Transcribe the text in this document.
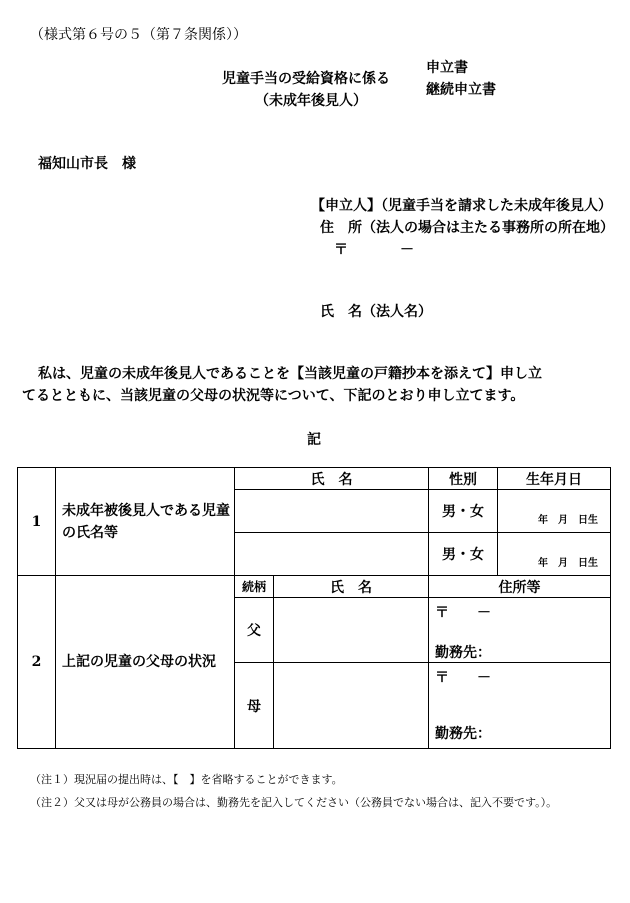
（様式第６号の５（第７条関係））
児童手当の受給資格に係る
（未成年後見人）
申立書
継続申立書
福知山市長　様
【申立人】（児童手当を請求した未成年後見人）
住　所（法人の場合は主たる事務所の所在地）
〒	－
氏　名（法人名）
私は、児童の未成年後見人であることを【当該児童の戸籍抄本を添えて】申し立
てるとともに、当該児童の父母の状況等について、下記のとおり申し立てます。
記
1	未成年被後見人である児童の氏名等	氏　名		性別	生年月日
				男・女	年　月　日生
				男・女	年　月　日生
2	上記の児童の父母の状況	続柄	氏　名	住所等	
		父		〒　　－
勤務先：	

		母		〒　　－
勤務先：	
（注１）現況届の提出時は、【　】を省略することができます。
（注２）父又は母が公務員の場合は、勤務先を記入してください（公務員でない場合は、記入不要です。）。
